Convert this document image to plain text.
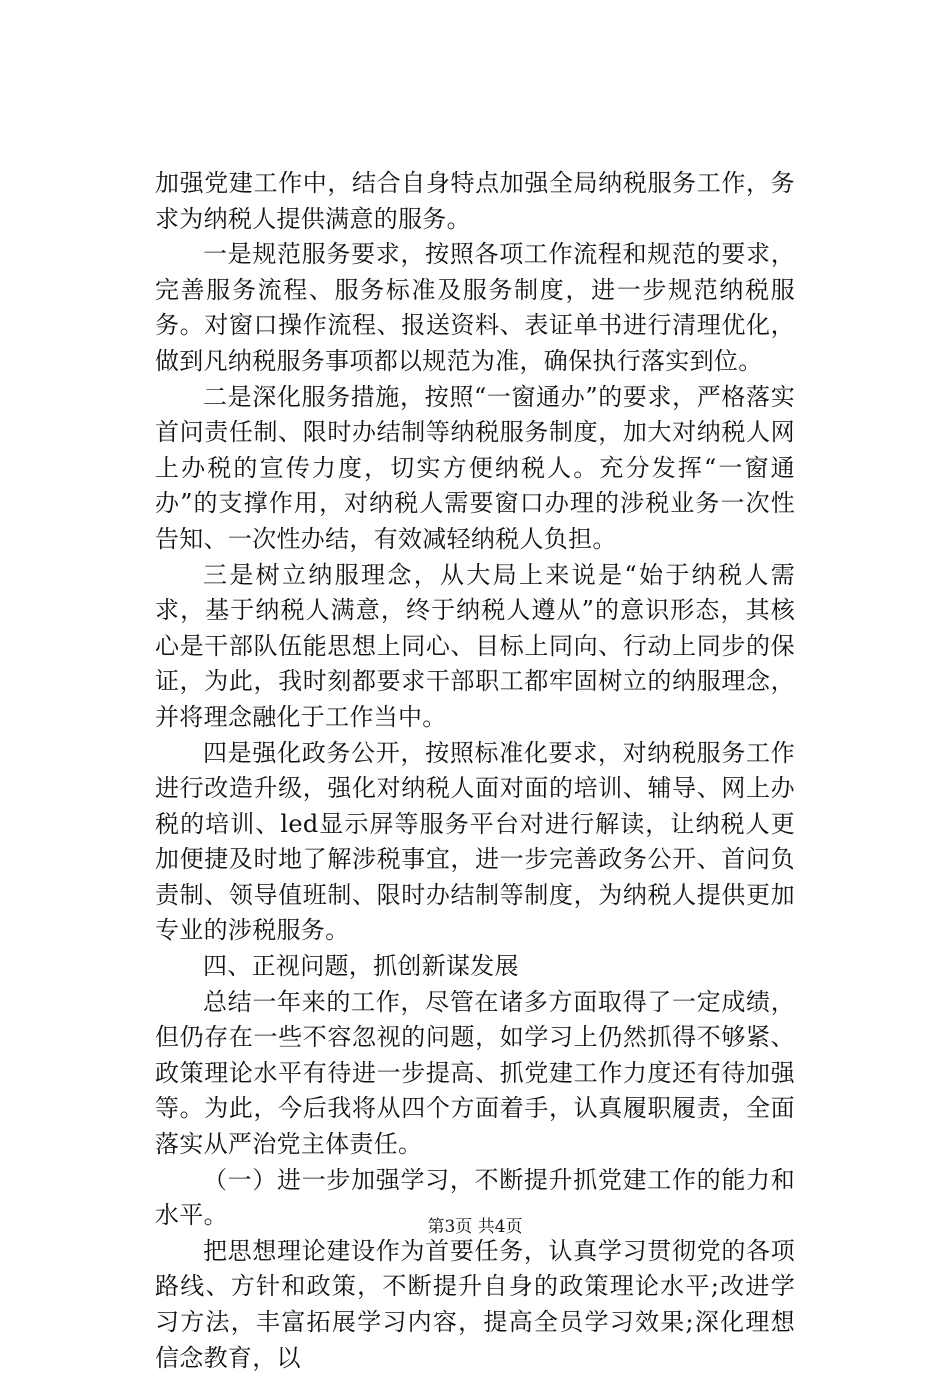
加强党建工作中，结合自身特点加强全局纳税服务工作，务求为纳税人提供满意的服务。

一是规范服务要求，按照各项工作流程和规范的要求，完善服务流程、服务标准及服务制度，进一步规范纳税服务。对窗口操作流程、报送资料、表证单书进行清理优化，做到凡纳税服务事项都以规范为准，确保执行落实到位。

二是深化服务措施，按照“一窗通办”的要求，严格落实首问责任制、限时办结制等纳税服务制度，加大对纳税人网上办税的宣传力度，切实方便纳税人。充分发挥“一窗通办”的支撑作用，对纳税人需要窗口办理的涉税业务一次性告知、一次性办结，有效减轻纳税人负担。

三是树立纳服理念，从大局上来说是“始于纳税人需求，基于纳税人满意，终于纳税人遵从”的意识形态，其核心是干部队伍能思想上同心、目标上同向、行动上同步的保证，为此，我时刻都要求干部职工都牢固树立的纳服理念，并将理念融化于工作当中。

四是强化政务公开，按照标准化要求，对纳税服务工作进行改造升级，强化对纳税人面对面的培训、辅导、网上办税的培训、led显示屏等服务平台对进行解读，让纳税人更加便捷及时地了解涉税事宜，进一步完善政务公开、首问负责制、领导值班制、限时办结制等制度，为纳税人提供更加专业的涉税服务。

四、正视问题，抓创新谋发展

总结一年来的工作，尽管在诸多方面取得了一定成绩，但仍存在一些不容忽视的问题，如学习上仍然抓得不够紧、政策理论水平有待进一步提高、抓党建工作力度还有待加强等。为此，今后我将从四个方面着手，认真履职履责，全面落实从严治党主体责任。

（一）进一步加强学习，不断提升抓党建工作的能力和水平。

把思想理论建设作为首要任务，认真学习贯彻党的各项路线、方针和政策，不断提升自身的政策理论水平;改进学习方法，丰富拓展学习内容，提高全员学习效果;深化理想信念教育，以

第3页 共4页
